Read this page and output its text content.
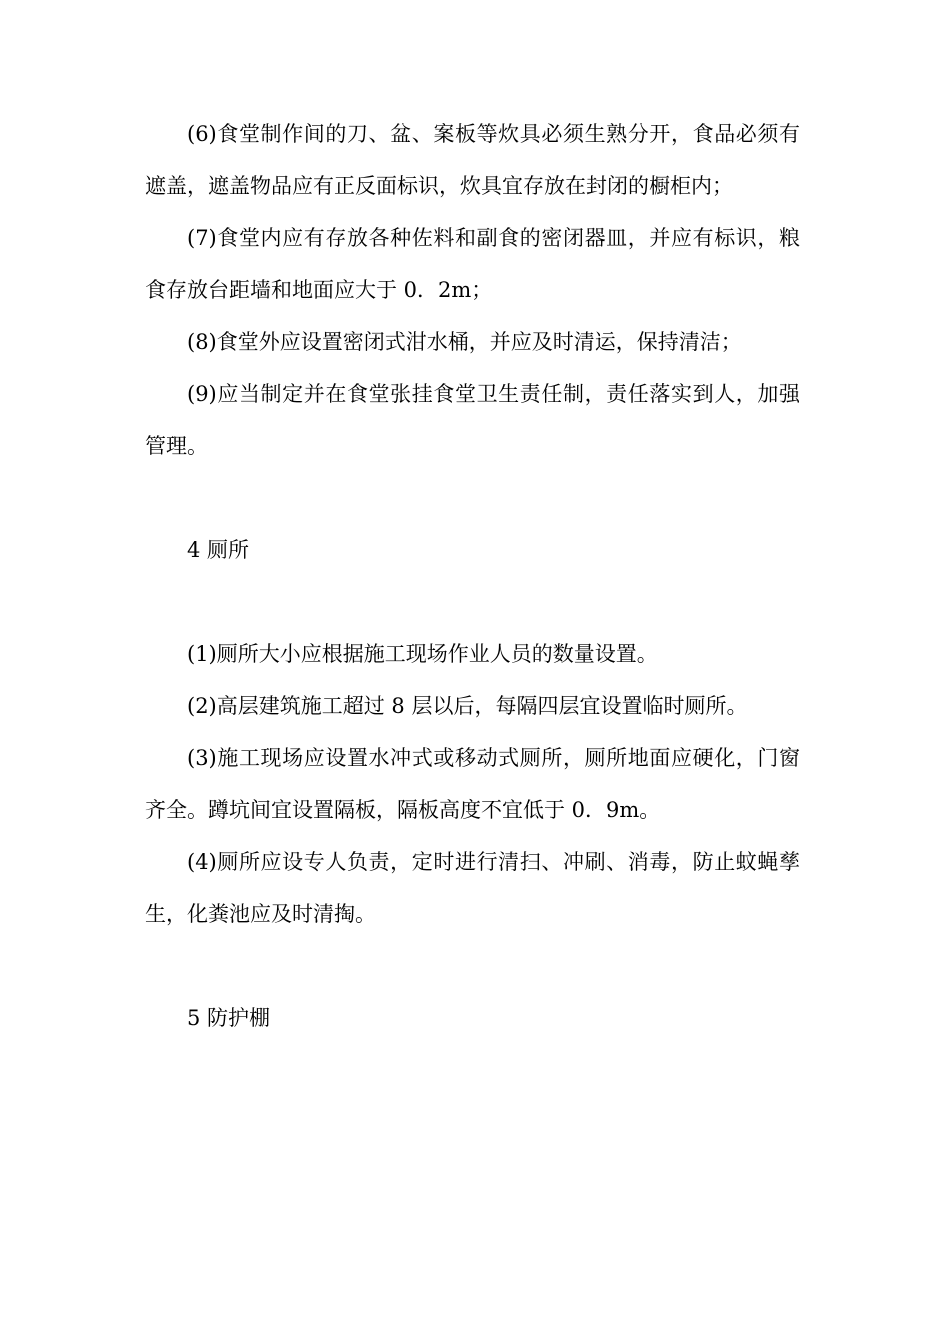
(6)食堂制作间的刀、盆、案板等炊具必须生熟分开，食品必须有遮盖，遮盖物品应有正反面标识，炊具宜存放在封闭的橱柜内；

(7)食堂内应有存放各种佐料和副食的密闭器皿，并应有标识，粮食存放台距墙和地面应大于 0．2m；

(8)食堂外应设置密闭式泔水桶，并应及时清运，保持清洁；

(9)应当制定并在食堂张挂食堂卫生责任制，责任落实到人，加强管理。

4 厕所

(1)厕所大小应根据施工现场作业人员的数量设置。

(2)高层建筑施工超过 8 层以后，每隔四层宜设置临时厕所。

(3)施工现场应设置水冲式或移动式厕所，厕所地面应硬化，门窗齐全。蹲坑间宜设置隔板，隔板高度不宜低于 0．9m。

(4)厕所应设专人负责，定时进行清扫、冲刷、消毒，防止蚊蝇孳生，化粪池应及时清掏。

5 防护棚
